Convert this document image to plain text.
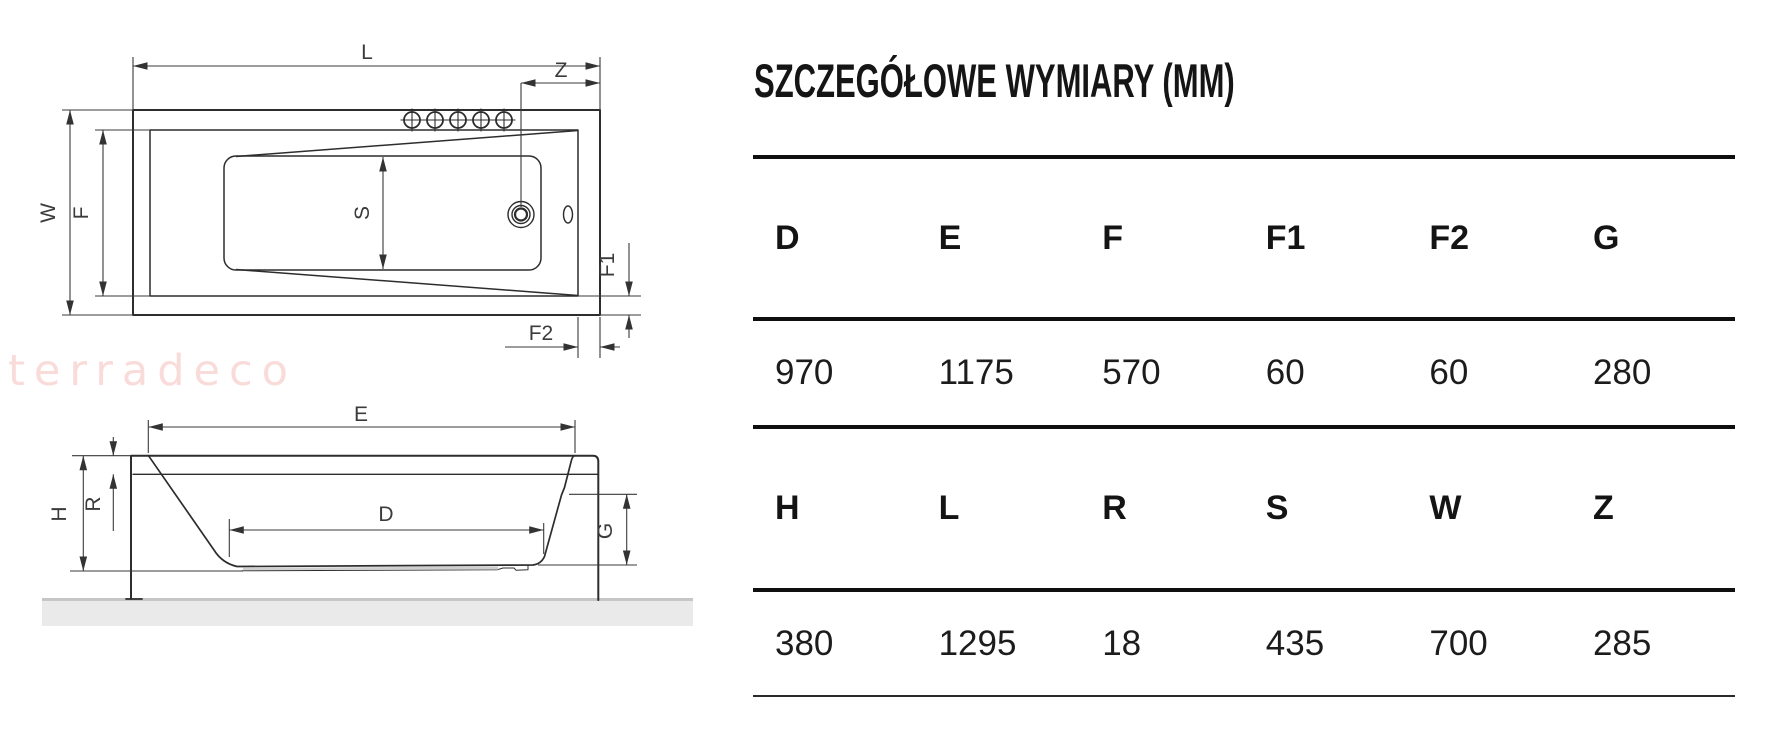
terradeco
E
H
R	D
G
L
Z
W F	S
F1
F2
SZCZEGÓŁOWE WYMIARY (MM)
D	E	F	F1	F2	G
970	1175	570	60	60	280
H	L	R	S	W	Z
380	1295	18	435	700	285
